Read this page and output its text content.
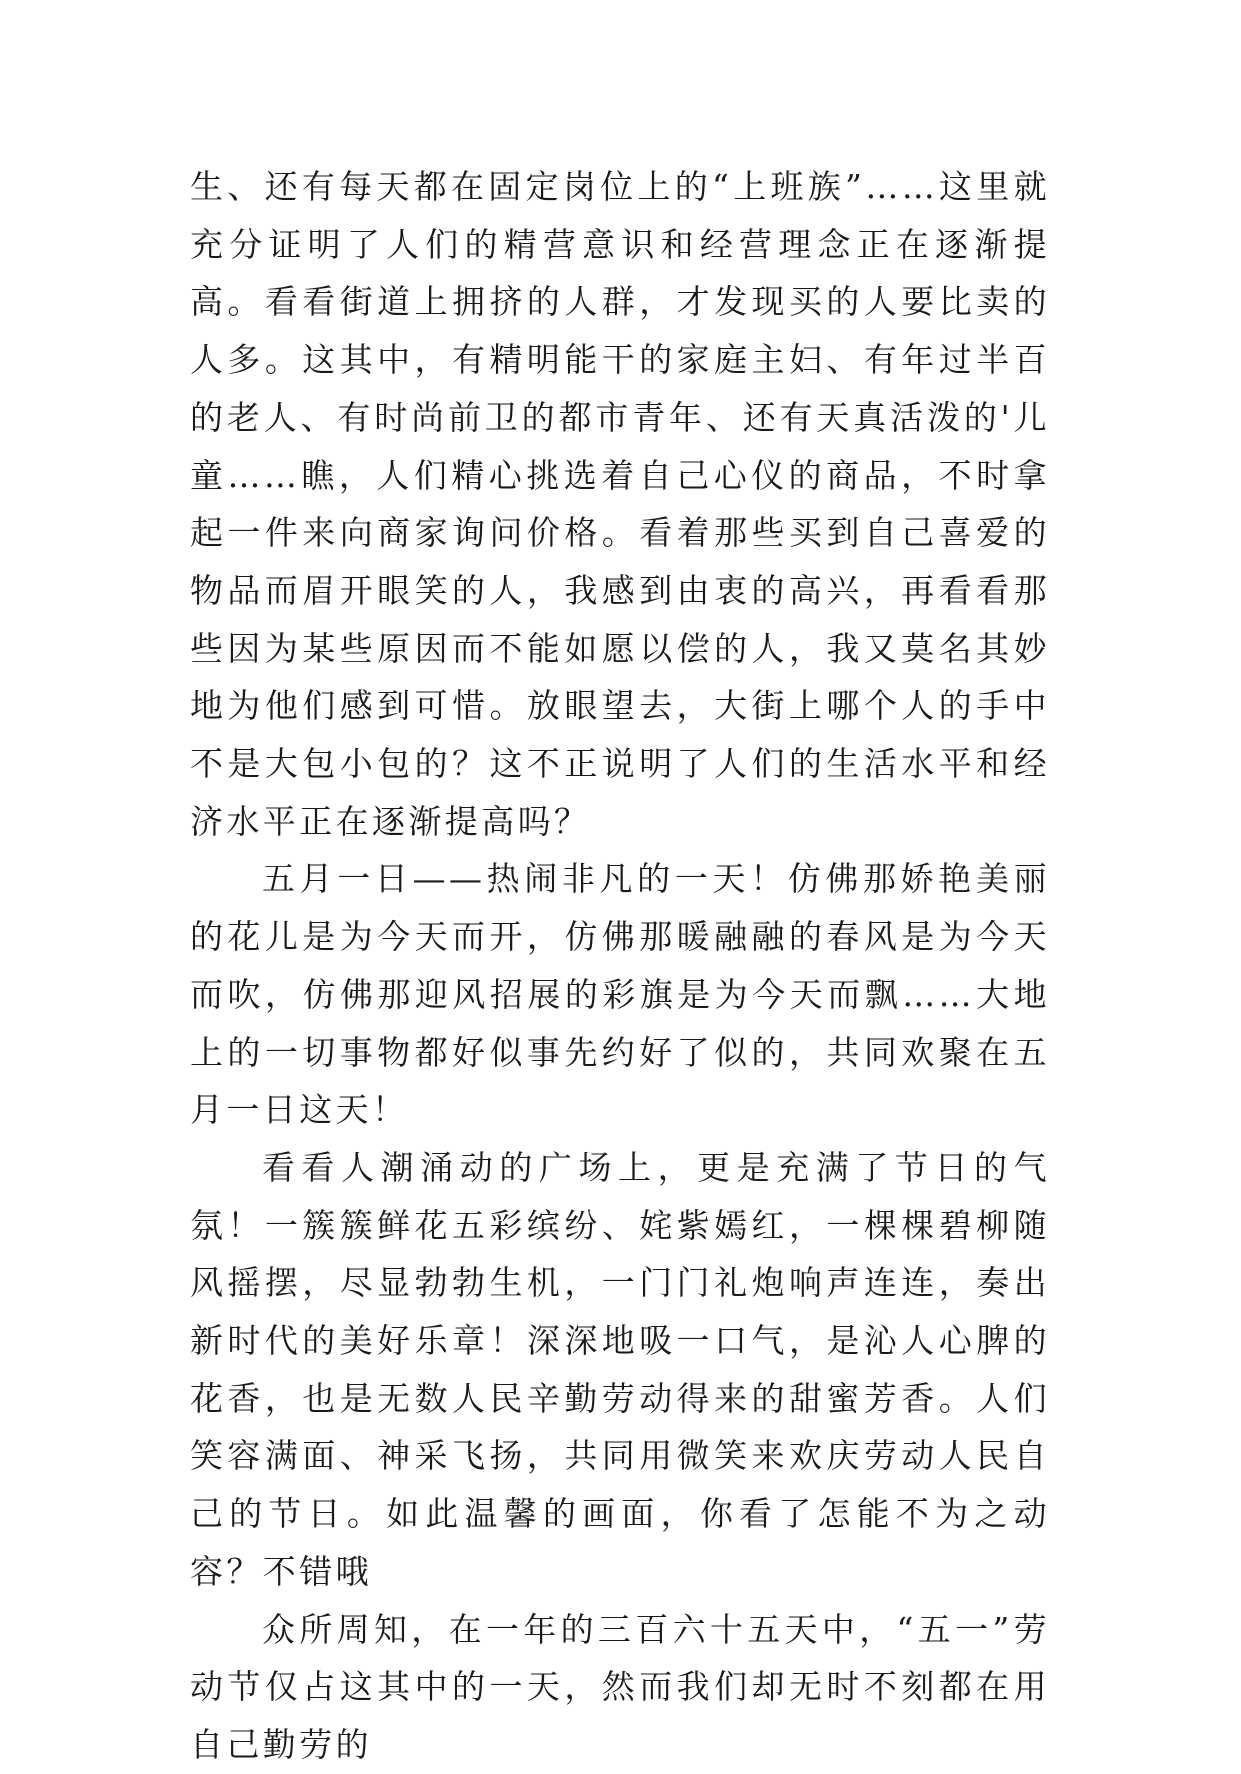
生、还有每天都在固定岗位上的“上班族”……这里就充分证明了人们的精营意识和经营理念正在逐渐提高。看看街道上拥挤的人群，才发现买的人要比卖的人多。这其中，有精明能干的家庭主妇、有年过半百的老人、有时尚前卫的都市青年、还有天真活泼的'儿童……瞧，人们精心挑选着自己心仪的商品，不时拿起一件来向商家询问价格。看着那些买到自己喜爱的物品而眉开眼笑的人，我感到由衷的高兴，再看看那些因为某些原因而不能如愿以偿的人，我又莫名其妙地为他们感到可惜。放眼望去，大街上哪个人的手中不是大包小包的？这不正说明了人们的生活水平和经济水平正在逐渐提高吗？

五月一日——热闹非凡的一天！仿佛那娇艳美丽的花儿是为今天而开，仿佛那暖融融的春风是为今天而吹，仿佛那迎风招展的彩旗是为今天而飘……大地上的一切事物都好似事先约好了似的，共同欢聚在五月一日这天！

看看人潮涌动的广场上，更是充满了节日的气氛！一簇簇鲜花五彩缤纷、姹紫嫣红，一棵棵碧柳随风摇摆，尽显勃勃生机，一门门礼炮响声连连，奏出新时代的美好乐章！深深地吸一口气，是沁人心脾的花香，也是无数人民辛勤劳动得来的甜蜜芳香。人们笑容满面、神采飞扬，共同用微笑来欢庆劳动人民自己的节日。如此温馨的画面，你看了怎能不为之动容？不错哦

众所周知，在一年的三百六十五天中，“五一”劳动节仅占这其中的一天，然而我们却无时不刻都在用自己勤劳的
